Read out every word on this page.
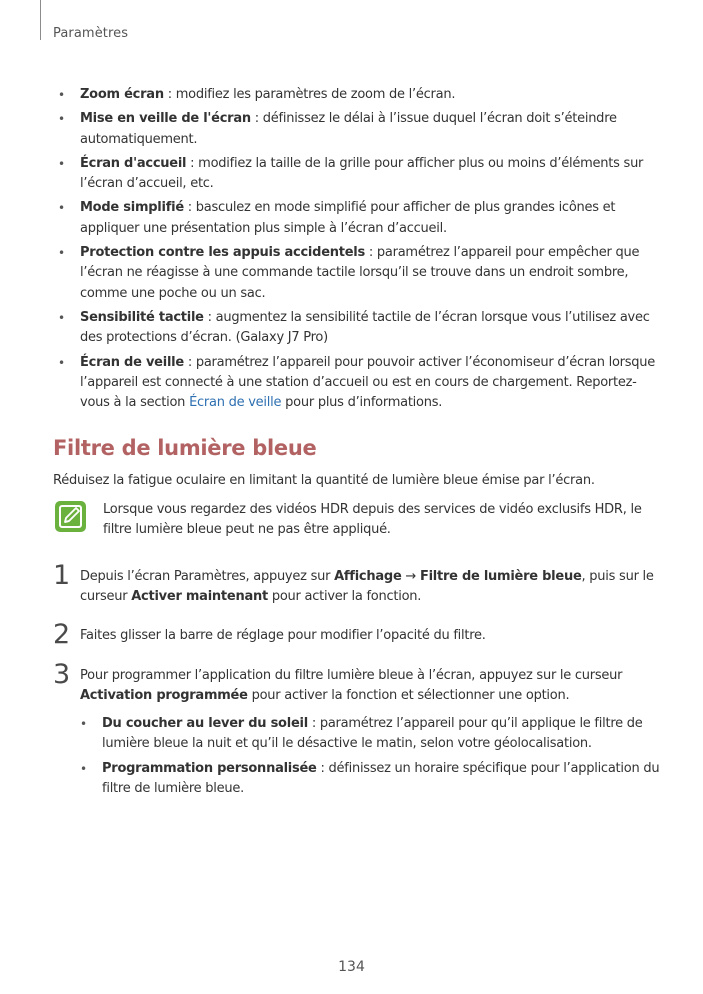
Paramètres
• Zoom écran : modifiez les paramètres de zoom de l’écran.
• Mise en veille de l'écran : définissez le délai à l’issue duquel l’écran doit s’éteindre automatiquement.
• Écran d'accueil : modifiez la taille de la grille pour afficher plus ou moins d’éléments sur l’écran d’accueil, etc.
• Mode simplifié : basculez en mode simplifié pour afficher de plus grandes icônes et appliquer une présentation plus simple à l’écran d’accueil.
• Protection contre les appuis accidentels : paramétrez l’appareil pour empêcher que l’écran ne réagisse à une commande tactile lorsqu’il se trouve dans un endroit sombre, comme une poche ou un sac.
• Sensibilité tactile : augmentez la sensibilité tactile de l’écran lorsque vous l’utilisez avec des protections d’écran. (Galaxy J7 Pro)
• Écran de veille : paramétrez l’appareil pour pouvoir activer l’économiseur d’écran lorsque l’appareil est connecté à une station d’accueil ou est en cours de chargement. Reportez-vous à la section Écran de veille pour plus d’informations.
Filtre de lumière bleue
Réduisez la fatigue oculaire en limitant la quantité de lumière bleue émise par l’écran.
Lorsque vous regardez des vidéos HDR depuis des services de vidéo exclusifs HDR, le filtre lumière bleue peut ne pas être appliqué.
1 Depuis l’écran Paramètres, appuyez sur Affichage → Filtre de lumière bleue, puis sur le curseur Activer maintenant pour activer la fonction.
2 Faites glisser la barre de réglage pour modifier l’opacité du filtre.
3 Pour programmer l’application du filtre lumière bleue à l’écran, appuyez sur le curseur Activation programmée pour activer la fonction et sélectionner une option.
• Du coucher au lever du soleil : paramétrez l’appareil pour qu’il applique le filtre de lumière bleue la nuit et qu’il le désactive le matin, selon votre géolocalisation.
• Programmation personnalisée : définissez un horaire spécifique pour l’application du filtre de lumière bleue.
134
